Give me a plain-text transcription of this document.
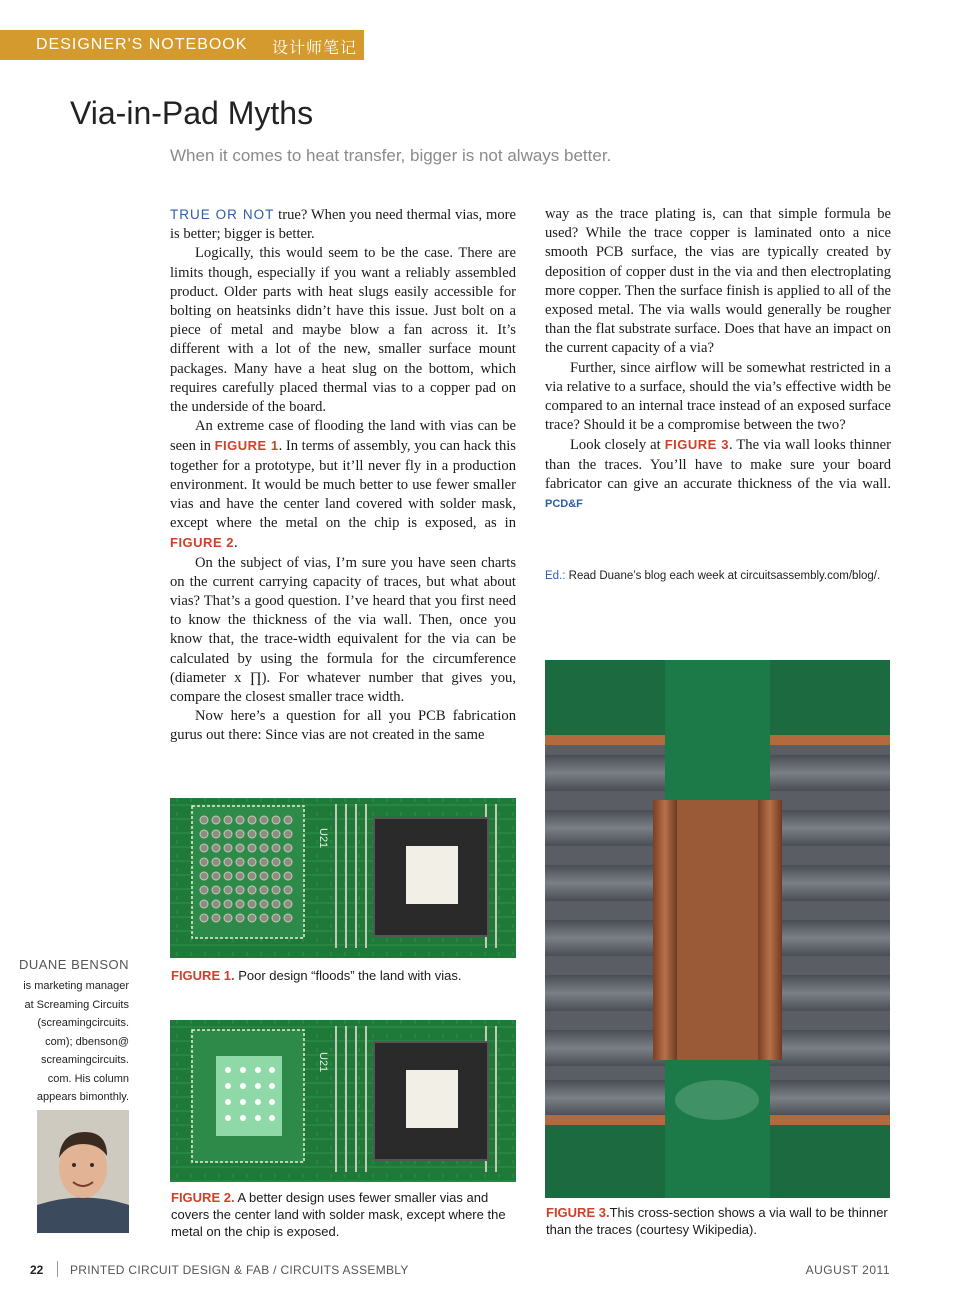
DESIGNER'S NOTEBOOK 设计师笔记
Via-in-Pad Myths
When it comes to heat transfer, bigger is not always better.

TRUE OR NOT true? When you need thermal vias, more is better; bigger is better.

Logically, this would seem to be the case. There are limits though, especially if you want a reliably assembled product. Older parts with heat slugs easily accessible for bolting on heatsinks didn’t have this issue. Just bolt on a piece of metal and maybe blow a fan across it. It’s different with a lot of the new, smaller surface mount packages. Many have a heat slug on the bottom, which requires carefully placed thermal vias to a copper pad on the underside of the board.

An extreme case of flooding the land with vias can be seen in FIGURE 1. In terms of assembly, you can hack this together for a prototype, but it’ll never fly in a production environment. It would be much better to use fewer smaller vias and have the center land covered with solder mask, except where the metal on the chip is exposed, as in FIGURE 2.

On the subject of vias, I’m sure you have seen charts on the current carrying capacity of traces, but what about vias? That’s a good question. I’ve heard that you first need to know the thickness of the via wall. Then, once you know that, the trace-width equivalent for the via can be calculated by using the formula for the circumference (diameter x ∏). For whatever number that gives you, compare the closest smaller trace width.

Now here’s a question for all you PCB fabrication gurus out there: Since vias are not created in the same

way as the trace plating is, can that simple formula be used? While the trace copper is laminated onto a nice smooth PCB surface, the vias are typically created by deposition of copper dust in the via and then electroplating more copper. Then the surface finish is applied to all of the exposed metal. The via walls would generally be rougher than the flat substrate surface. Does that have an impact on the current capacity of a via?

Further, since airflow will be somewhat restricted in a via relative to a surface, should the via’s effective width be compared to an internal trace instead of an exposed surface trace? Should it be a compromise between the two?

Look closely at FIGURE 3. The via wall looks thinner than the traces. You’ll have to make sure your board fabricator can give an accurate thickness of the via wall. PCD&F

Ed.: Read Duane’s blog each week at circuitsassembly.com/blog/.
U21
FIGURE 1. Poor design “floods” the land with vias.
U21
FIGURE 2. A better design uses fewer smaller vias and covers the center land with solder mask, except where the metal on the chip is exposed.
FIGURE 3.This cross-section shows a via wall to be thinner than the traces (courtesy Wikipedia).
DUANE BENSON
is marketing manager
at Screaming Circuits
(screamingcircuits.
com); dbenson@
screamingcircuits.
com. His column
appears bimonthly.
22 PRINTED CIRCUIT DESIGN & FAB / CIRCUITS ASSEMBLY	AUGUST 2011
